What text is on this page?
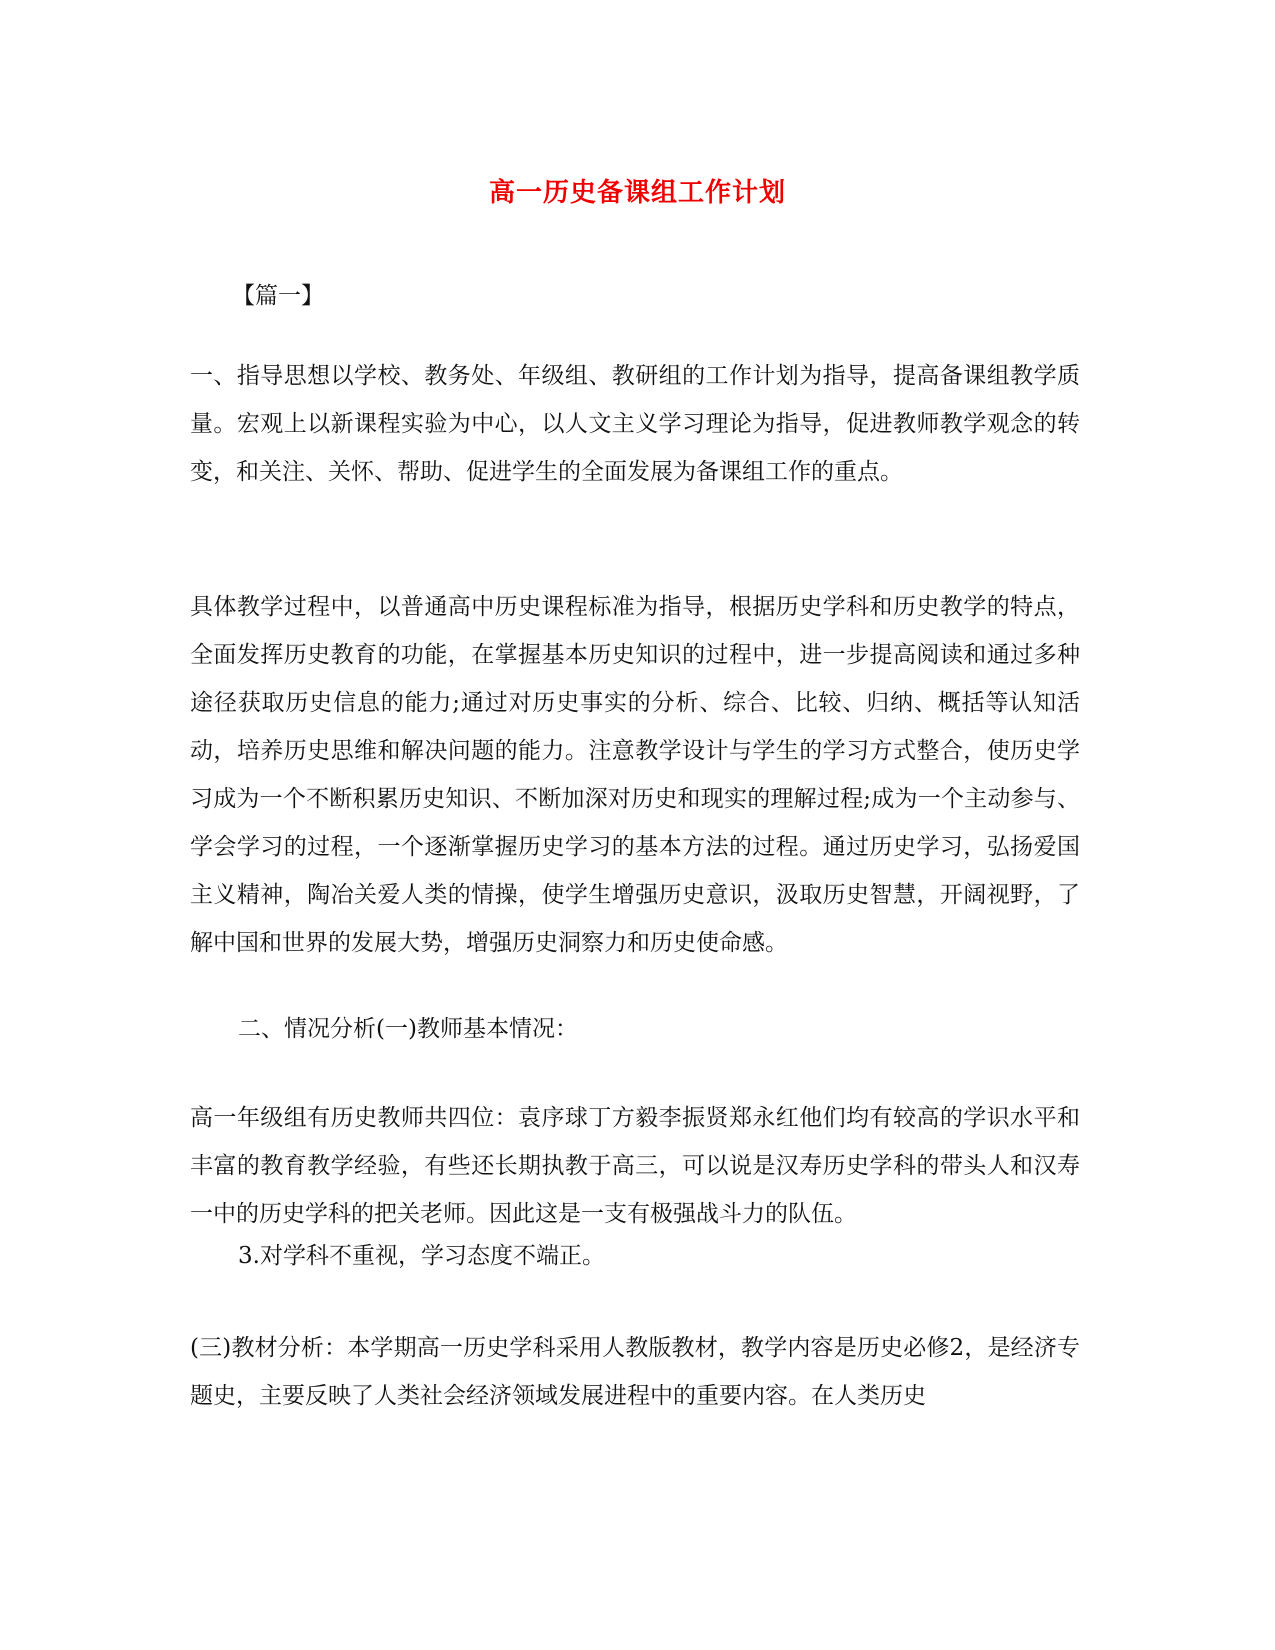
高一历史备课组工作计划
【篇一】

一、指导思想以学校、教务处、年级组、教研组的工作计划为指导，提高备课组教学质量。宏观上以新课程实验为中心，以人文主义学习理论为指导，促进教师教学观念的转变，和关注、关怀、帮助、促进学生的全面发展为备课组工作的重点。

具体教学过程中，以普通高中历史课程标准为指导，根据历史学科和历史教学的特点，全面发挥历史教育的功能，在掌握基本历史知识的过程中，进一步提高阅读和通过多种途径获取历史信息的能力;通过对历史事实的分析、综合、比较、归纳、概括等认知活动，培养历史思维和解决问题的能力。注意教学设计与学生的学习方式整合，使历史学习成为一个不断积累历史知识、不断加深对历史和现实的理解过程;成为一个主动参与、学会学习的过程，一个逐渐掌握历史学习的基本方法的过程。通过历史学习，弘扬爱国主义精神，陶冶关爱人类的情操，使学生增强历史意识，汲取历史智慧，开阔视野，了解中国和世界的发展大势，增强历史洞察力和历史使命感。

二、情况分析(一)教师基本情况：

高一年级组有历史教师共四位：袁序球丁方毅李振贤郑永红他们均有较高的学识水平和丰富的教育教学经验，有些还长期执教于高三，可以说是汉寿历史学科的带头人和汉寿一中的历史学科的把关老师。因此这是一支有极强战斗力的队伍。

3.对学科不重视，学习态度不端正。

(三)教材分析：本学期高一历史学科采用人教版教材，教学内容是历史必修2，是经济专题史，主要反映了人类社会经济领域发展进程中的重要内容。在人类历史
